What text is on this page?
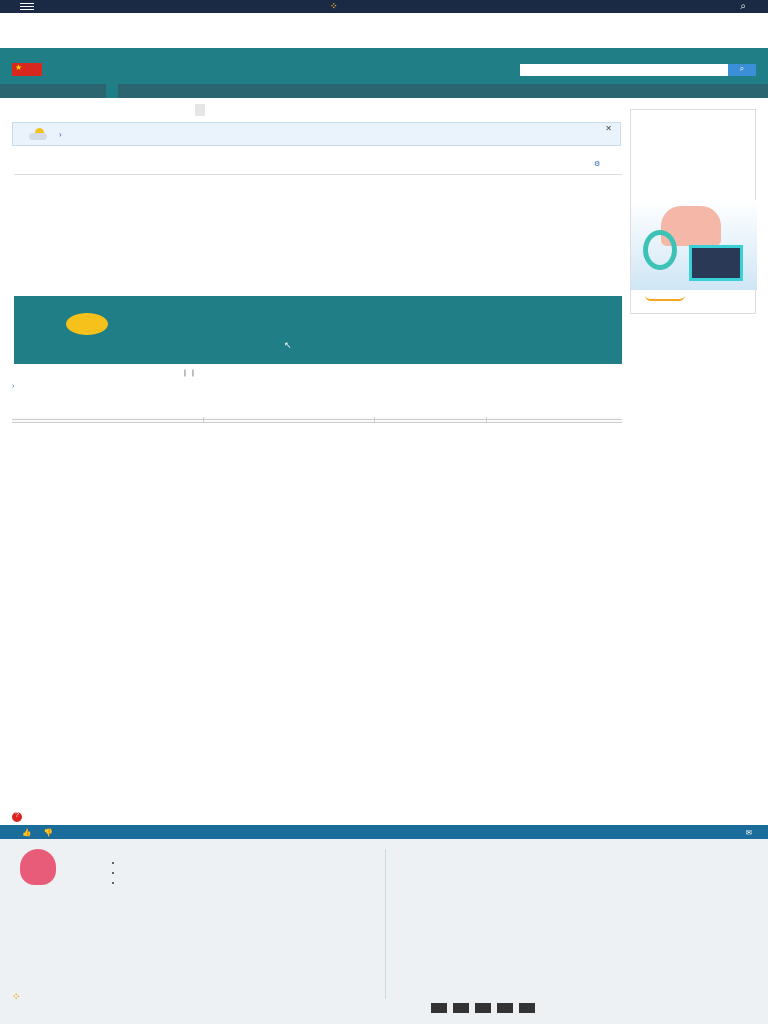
⁘	⌕
★
⌕
›
✕
⚙
↖
| |
›

?
👍 👎	✉
•
•
•
⁘
